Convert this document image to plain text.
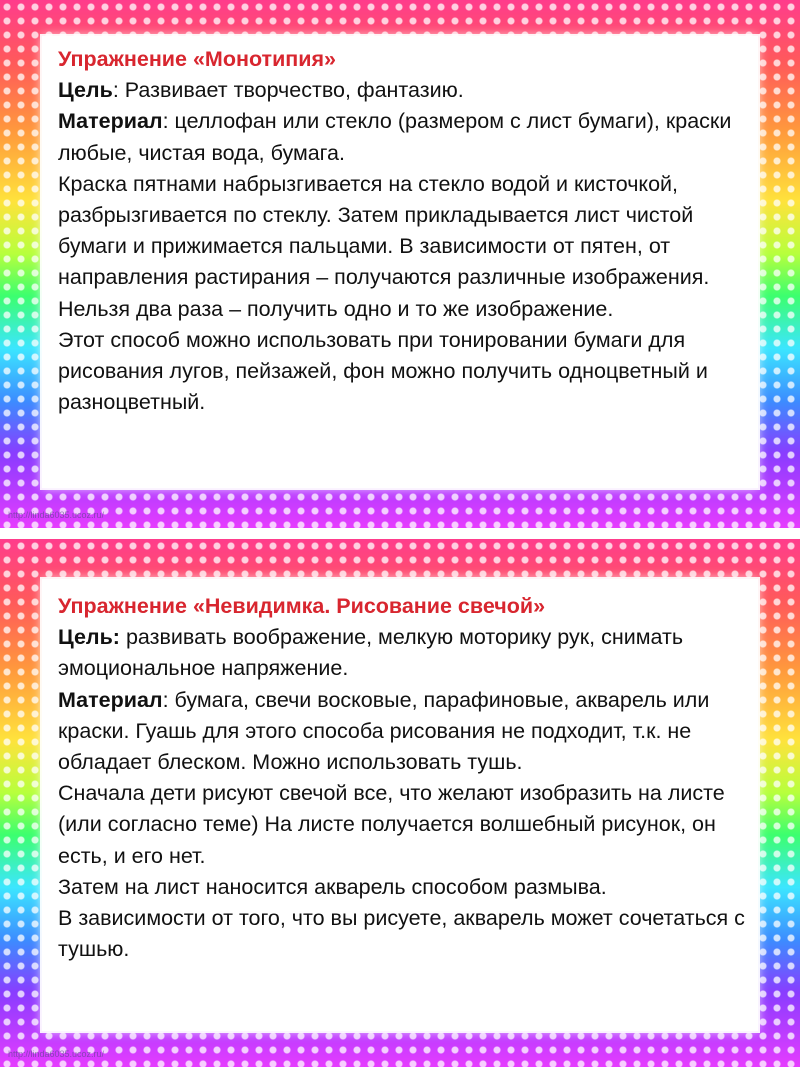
Упражнение «Монотипия»

Цель: Развивает творчество, фантазию.

Материал: целлофан или стекло (размером с лист бумаги), краски любые, чистая вода, бумага.

Краска пятнами набрызгивается на стекло водой и кисточкой, разбрызгивается по стеклу. Затем прикладывается лист чистой бумаги и прижимается пальцами. В зависимости от пятен, от направления растирания – получаются различные изображения.

Нельзя два раза – получить одно и то же изображение.

Этот способ можно использовать при тонировании бумаги для рисования лугов, пейзажей, фон можно получить одноцветный и разноцветный.

http://linda6035.ucoz.ru/

Упражнение «Невидимка. Рисование свечой»

Цель: развивать воображение, мелкую моторику рук, снимать эмоциональное напряжение.

Материал: бумага, свечи восковые, парафиновые, акварель или краски. Гуашь для этого способа рисования не подходит, т.к. не обладает блеском. Можно использовать тушь.

Сначала дети рисуют свечой все, что желают изобразить на листе (или согласно теме) На листе получается волшебный рисунок, он есть, и его нет.

Затем на лист наносится акварель способом размыва.

В зависимости от того, что вы рисуете, акварель может сочетаться с тушью.

http://linda6035.ucoz.ru/
